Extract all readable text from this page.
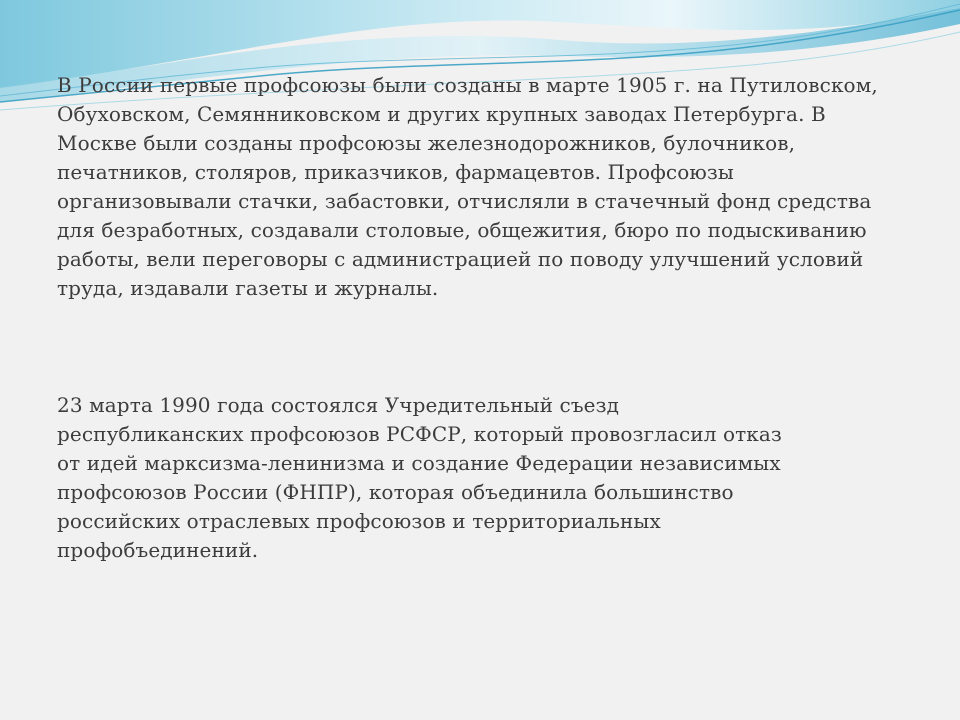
В России первые профсоюзы были созданы в марте 1905 г. на Путиловском,
Обуховском, Семянниковском и других крупных заводах Петербурга. В
Москве были созданы профсоюзы железнодорожников, булочников,
печатников, столяров, приказчиков, фармацевтов. Профсоюзы
организовывали стачки, забастовки, отчисляли в стачечный фонд средства
для безработных, создавали столовые, общежития, бюро по подыскиванию
работы, вели переговоры с администрацией по поводу улучшений условий
труда, издавали газеты и журналы.

23 марта 1990 года состоялся Учредительный съезд
республиканских профсоюзов РСФСР, который провозгласил отказ
от идей марксизма-ленинизма и создание Федерации независимых
профсоюзов России (ФНПР), которая объединила большинство
российских отраслевых профсоюзов и территориальных
профобъединений.
